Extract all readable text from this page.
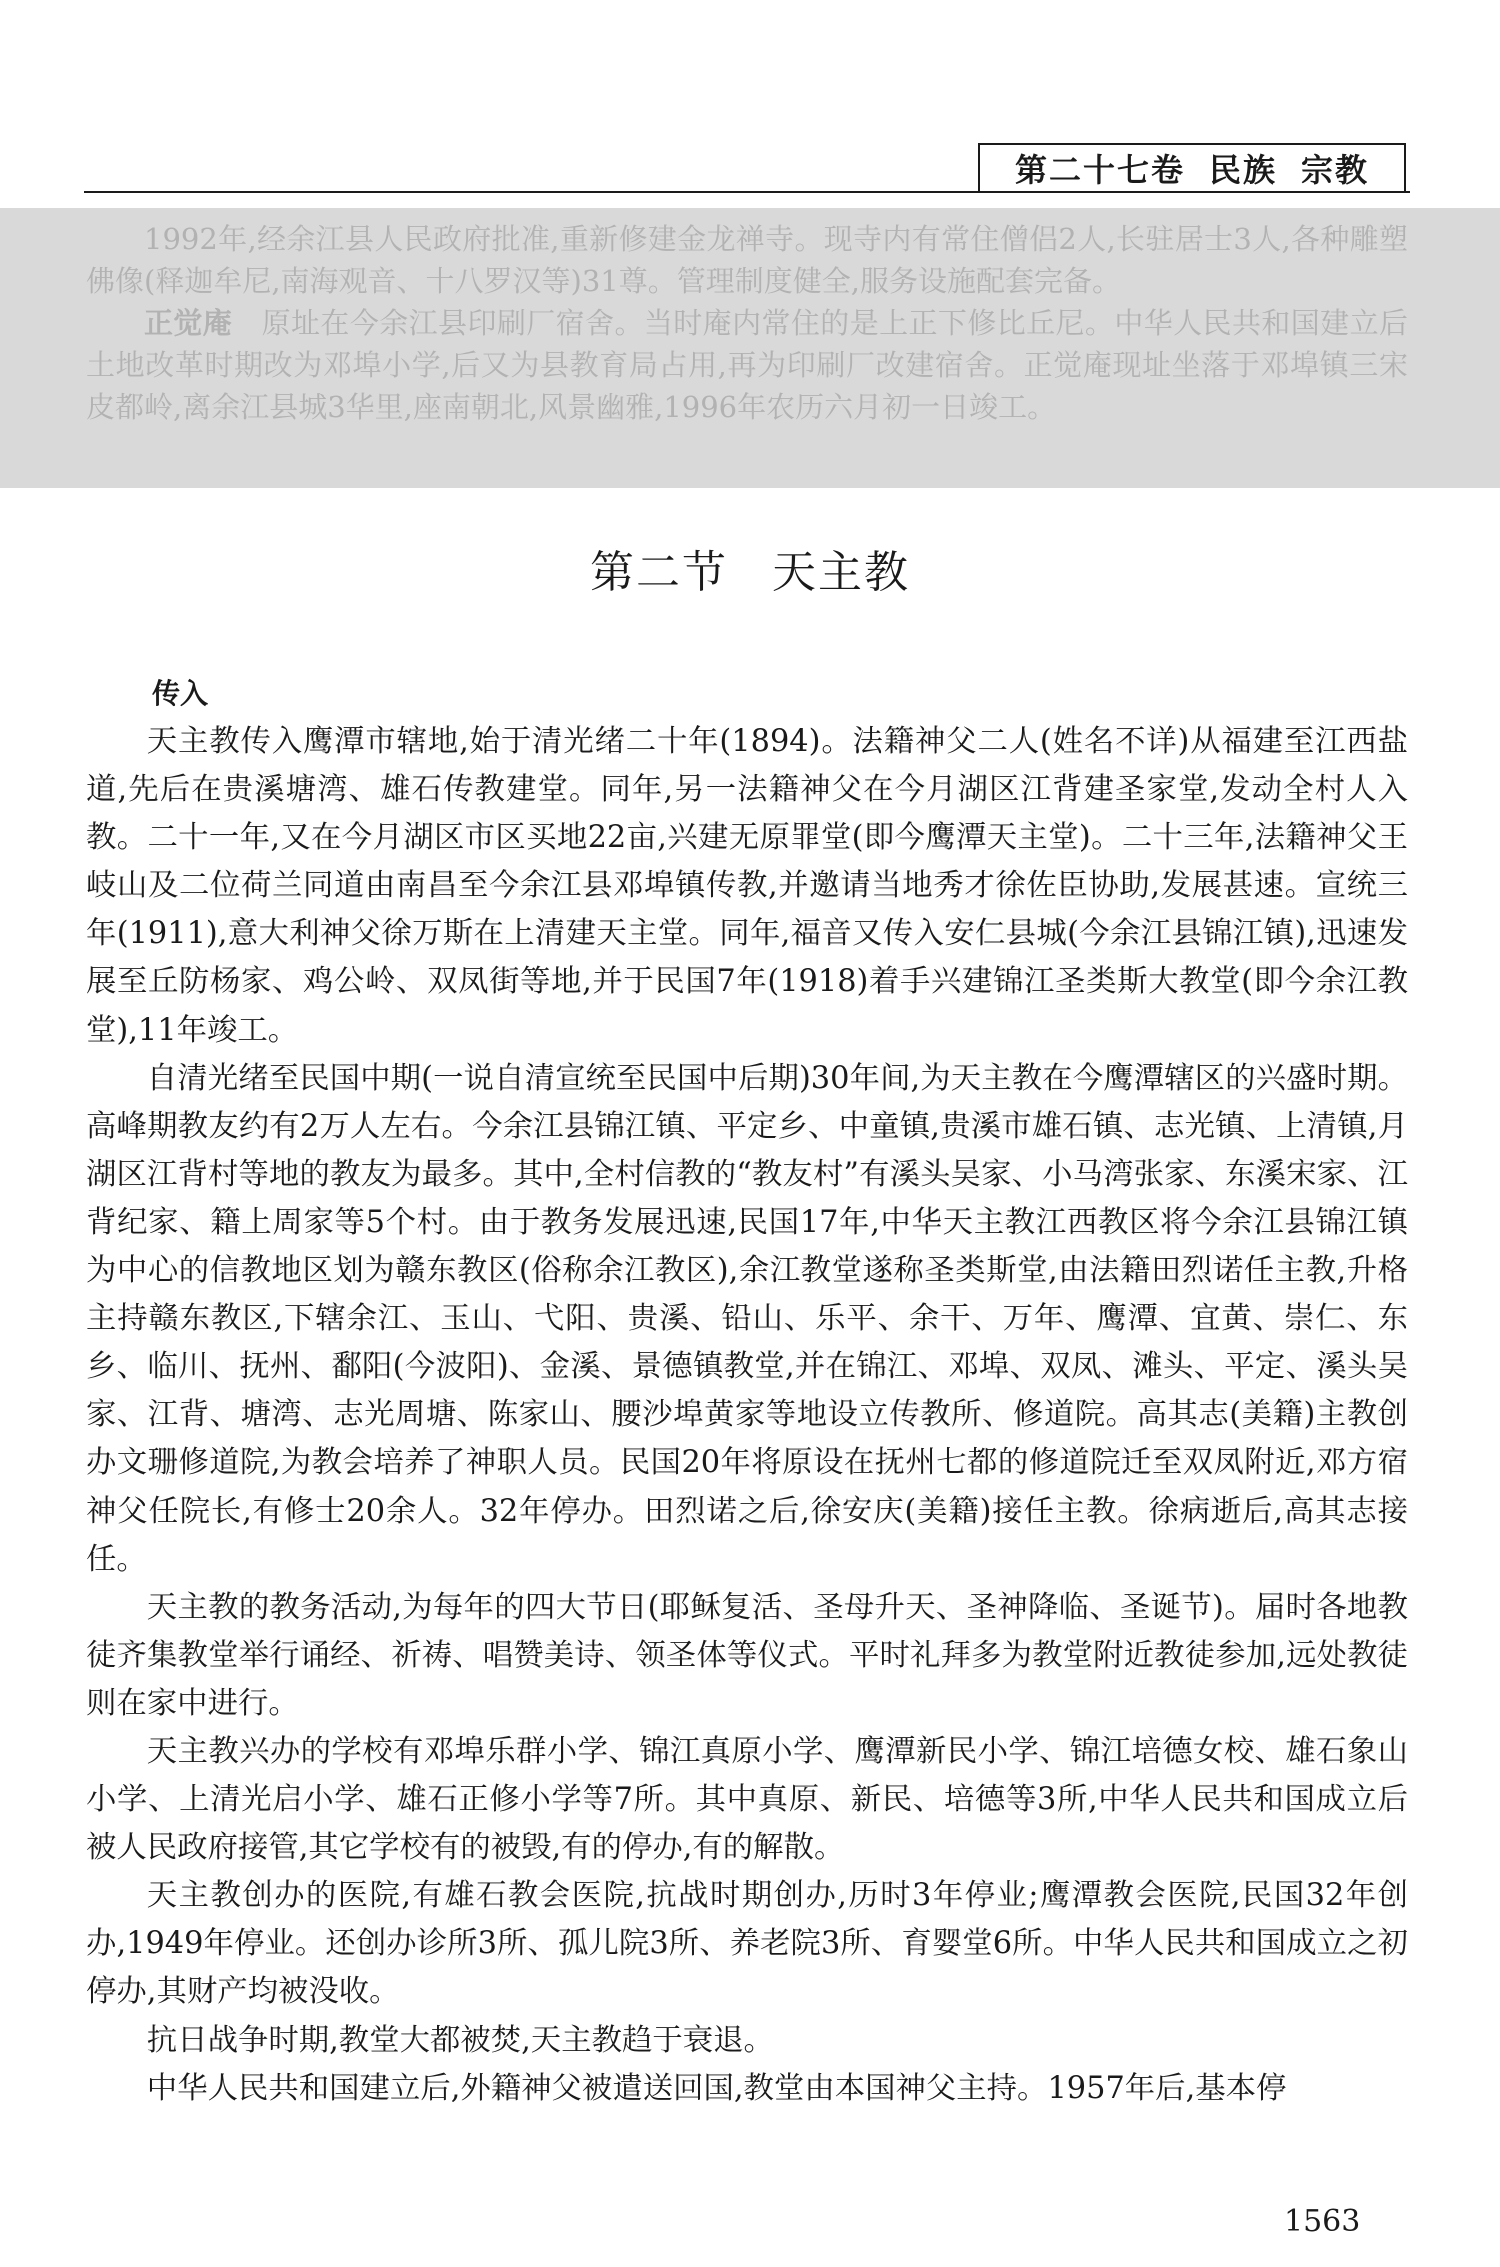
第二十七卷 民族 宗教

1992年,经余江县人民政府批准,重新修建金龙禅寺。现寺内有常住僧侣2人,长驻居士3人,各种雕塑佛像(释迦牟尼,南海观音、十八罗汉等)31尊。管理制度健全,服务设施配套完备。

正觉庵　原址在今余江县印刷厂宿舍。当时庵内常住的是上正下修比丘尼。中华人民共和国建立后土地改革时期改为邓埠小学,后又为县教育局占用,再为印刷厂改建宿舍。正觉庵现址坐落于邓埠镇三宋皮都岭,离余江县城3华里,座南朝北,风景幽雅,1996年农历六月初一日竣工。

第二节 天主教
传入

天主教传入鹰潭市辖地,始于清光绪二十年(1894)。法籍神父二人(姓名不详)从福建至江西盐道,先后在贵溪塘湾、雄石传教建堂。同年,另一法籍神父在今月湖区江背建圣家堂,发动全村人入教。二十一年,又在今月湖区市区买地22亩,兴建无原罪堂(即今鹰潭天主堂)。二十三年,法籍神父王岐山及二位荷兰同道由南昌至今余江县邓埠镇传教,并邀请当地秀才徐佐臣协助,发展甚速。宣统三年(1911),意大利神父徐万斯在上清建天主堂。同年,福音又传入安仁县城(今余江县锦江镇),迅速发展至丘防杨家、鸡公岭、双凤街等地,并于民国7年(1918)着手兴建锦江圣类斯大教堂(即今余江教堂),11年竣工。

自清光绪至民国中期(一说自清宣统至民国中后期)30年间,为天主教在今鹰潭辖区的兴盛时期。高峰期教友约有2万人左右。今余江县锦江镇、平定乡、中童镇,贵溪市雄石镇、志光镇、上清镇,月湖区江背村等地的教友为最多。其中,全村信教的“教友村”有溪头吴家、小马湾张家、东溪宋家、江背纪家、籍上周家等5个村。由于教务发展迅速,民国17年,中华天主教江西教区将今余江县锦江镇为中心的信教地区划为赣东教区(俗称余江教区),余江教堂遂称圣类斯堂,由法籍田烈诺任主教,升格主持赣东教区,下辖余江、玉山、弋阳、贵溪、铅山、乐平、余干、万年、鹰潭、宜黄、崇仁、东乡、临川、抚州、鄱阳(今波阳)、金溪、景德镇教堂,并在锦江、邓埠、双凤、滩头、平定、溪头吴家、江背、塘湾、志光周塘、陈家山、腰沙埠黄家等地设立传教所、修道院。高其志(美籍)主教创办文珊修道院,为教会培养了神职人员。民国20年将原设在抚州七都的修道院迁至双凤附近,邓方宿神父任院长,有修士20余人。32年停办。田烈诺之后,徐安庆(美籍)接任主教。徐病逝后,高其志接任。

天主教的教务活动,为每年的四大节日(耶稣复活、圣母升天、圣神降临、圣诞节)。届时各地教徒齐集教堂举行诵经、祈祷、唱赞美诗、领圣体等仪式。平时礼拜多为教堂附近教徒参加,远处教徒则在家中进行。

天主教兴办的学校有邓埠乐群小学、锦江真原小学、鹰潭新民小学、锦江培德女校、雄石象山小学、上清光启小学、雄石正修小学等7所。其中真原、新民、培德等3所,中华人民共和国成立后被人民政府接管,其它学校有的被毁,有的停办,有的解散。

天主教创办的医院,有雄石教会医院,抗战时期创办,历时3年停业;鹰潭教会医院,民国32年创办,1949年停业。还创办诊所3所、孤儿院3所、养老院3所、育婴堂6所。中华人民共和国成立之初停办,其财产均被没收。

抗日战争时期,教堂大都被焚,天主教趋于衰退。

中华人民共和国建立后,外籍神父被遣送回国,教堂由本国神父主持。1957年后,基本停

1563
